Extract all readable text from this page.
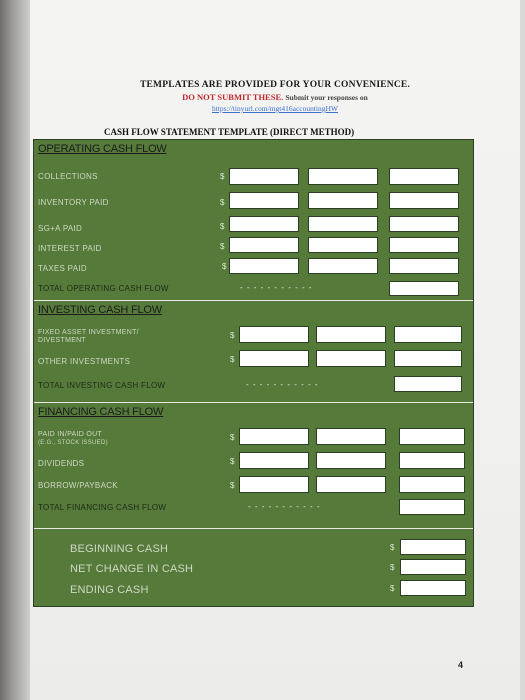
TEMPLATES ARE PROVIDED FOR YOUR CONVENIENCE.
DO NOT SUBMIT THESE. Submit your responses on
https://tinyurl.com/mgt416accountingHW
CASH FLOW STATEMENT TEMPLATE (DIRECT METHOD)
OPERATING CASH FLOW
COLLECTIONS
INVENTORY PAID
SG+A PAID
INTEREST PAID
TAXES PAID
TOTAL OPERATING CASH FLOW
$
$
$
$
$
- - - - - - - - - - -
INVESTING CASH FLOW
FIXED ASSET INVESTMENT/
DIVESTMENT
OTHER INVESTMENTS
TOTAL INVESTING CASH FLOW
$
$
- - - - - - - - - - -
FINANCING CASH FLOW
PAID IN/PAID OUT
(E.G., STOCK ISSUED)
DIVIDENDS
BORROW/PAYBACK
TOTAL FINANCING CASH FLOW
$
$
$
- - - - - - - - - - -
BEGINNING CASH
NET CHANGE IN CASH
ENDING CASH
$
$
$
4
